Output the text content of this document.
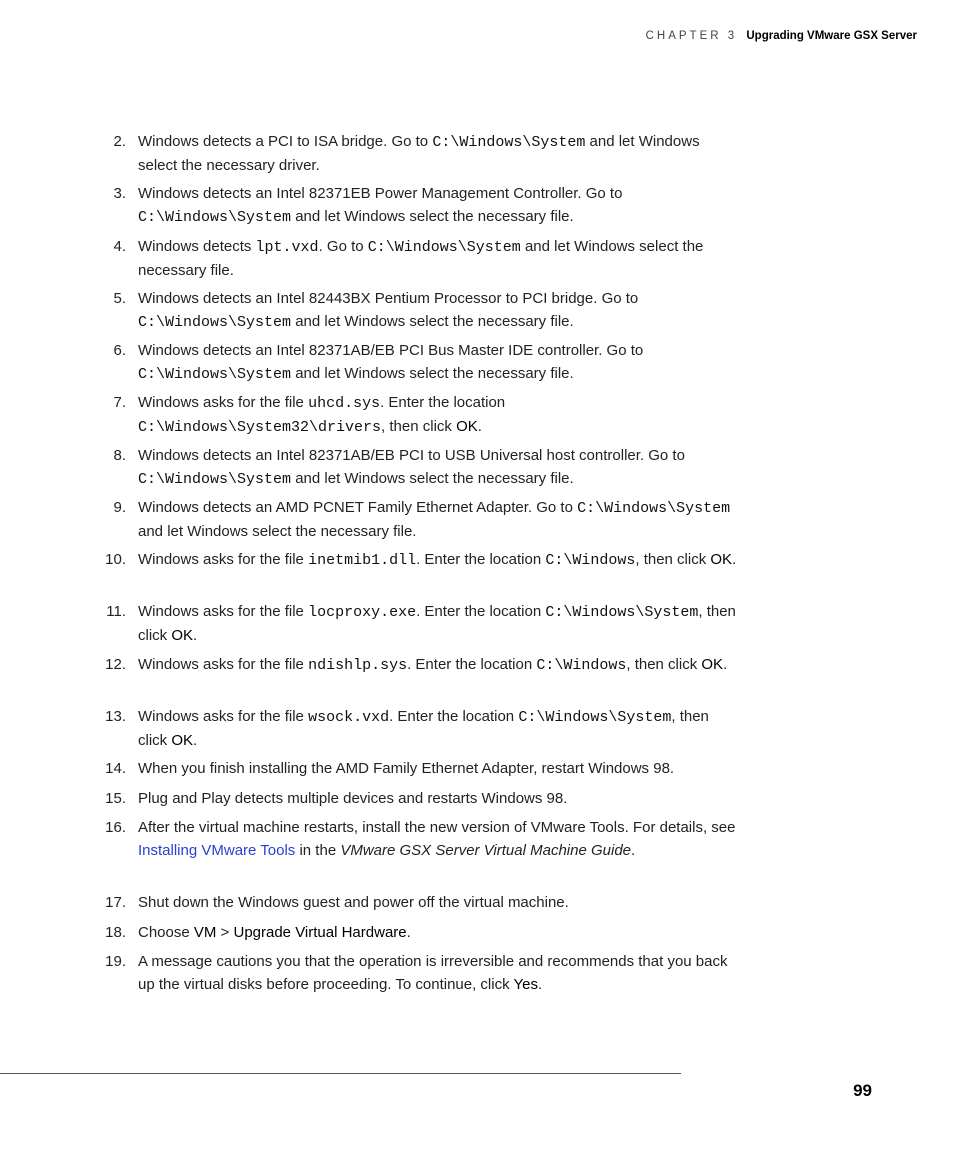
CHAPTER 3 Upgrading VMware GSX Server
2. Windows detects a PCI to ISA bridge. Go to C:\Windows\System and let Windows select the necessary driver.
3. Windows detects an Intel 82371EB Power Management Controller. Go to C:\Windows\System and let Windows select the necessary file.
4. Windows detects lpt.vxd. Go to C:\Windows\System and let Windows select the necessary file.
5. Windows detects an Intel 82443BX Pentium Processor to PCI bridge. Go to C:\Windows\System and let Windows select the necessary file.
6. Windows detects an Intel 82371AB/EB PCI Bus Master IDE controller. Go to C:\Windows\System and let Windows select the necessary file.
7. Windows asks for the file uhcd.sys. Enter the location C:\Windows\System32\drivers, then click OK.
8. Windows detects an Intel 82371AB/EB PCI to USB Universal host controller. Go to C:\Windows\System and let Windows select the necessary file.
9. Windows detects an AMD PCNET Family Ethernet Adapter. Go to C:\Windows\System and let Windows select the necessary file.
10. Windows asks for the file inetmib1.dll. Enter the location C:\Windows, then click OK.
11. Windows asks for the file locproxy.exe. Enter the location C:\Windows\System, then click OK.
12. Windows asks for the file ndishlp.sys. Enter the location C:\Windows, then click OK.
13. Windows asks for the file wsock.vxd. Enter the location C:\Windows\System, then click OK.
14. When you finish installing the AMD Family Ethernet Adapter, restart Windows 98.
15. Plug and Play detects multiple devices and restarts Windows 98.
16. After the virtual machine restarts, install the new version of VMware Tools. For details, see Installing VMware Tools in the VMware GSX Server Virtual Machine Guide.
17. Shut down the Windows guest and power off the virtual machine.
18. Choose VM > Upgrade Virtual Hardware.
19. A message cautions you that the operation is irreversible and recommends that you back up the virtual disks before proceeding. To continue, click Yes.
99
